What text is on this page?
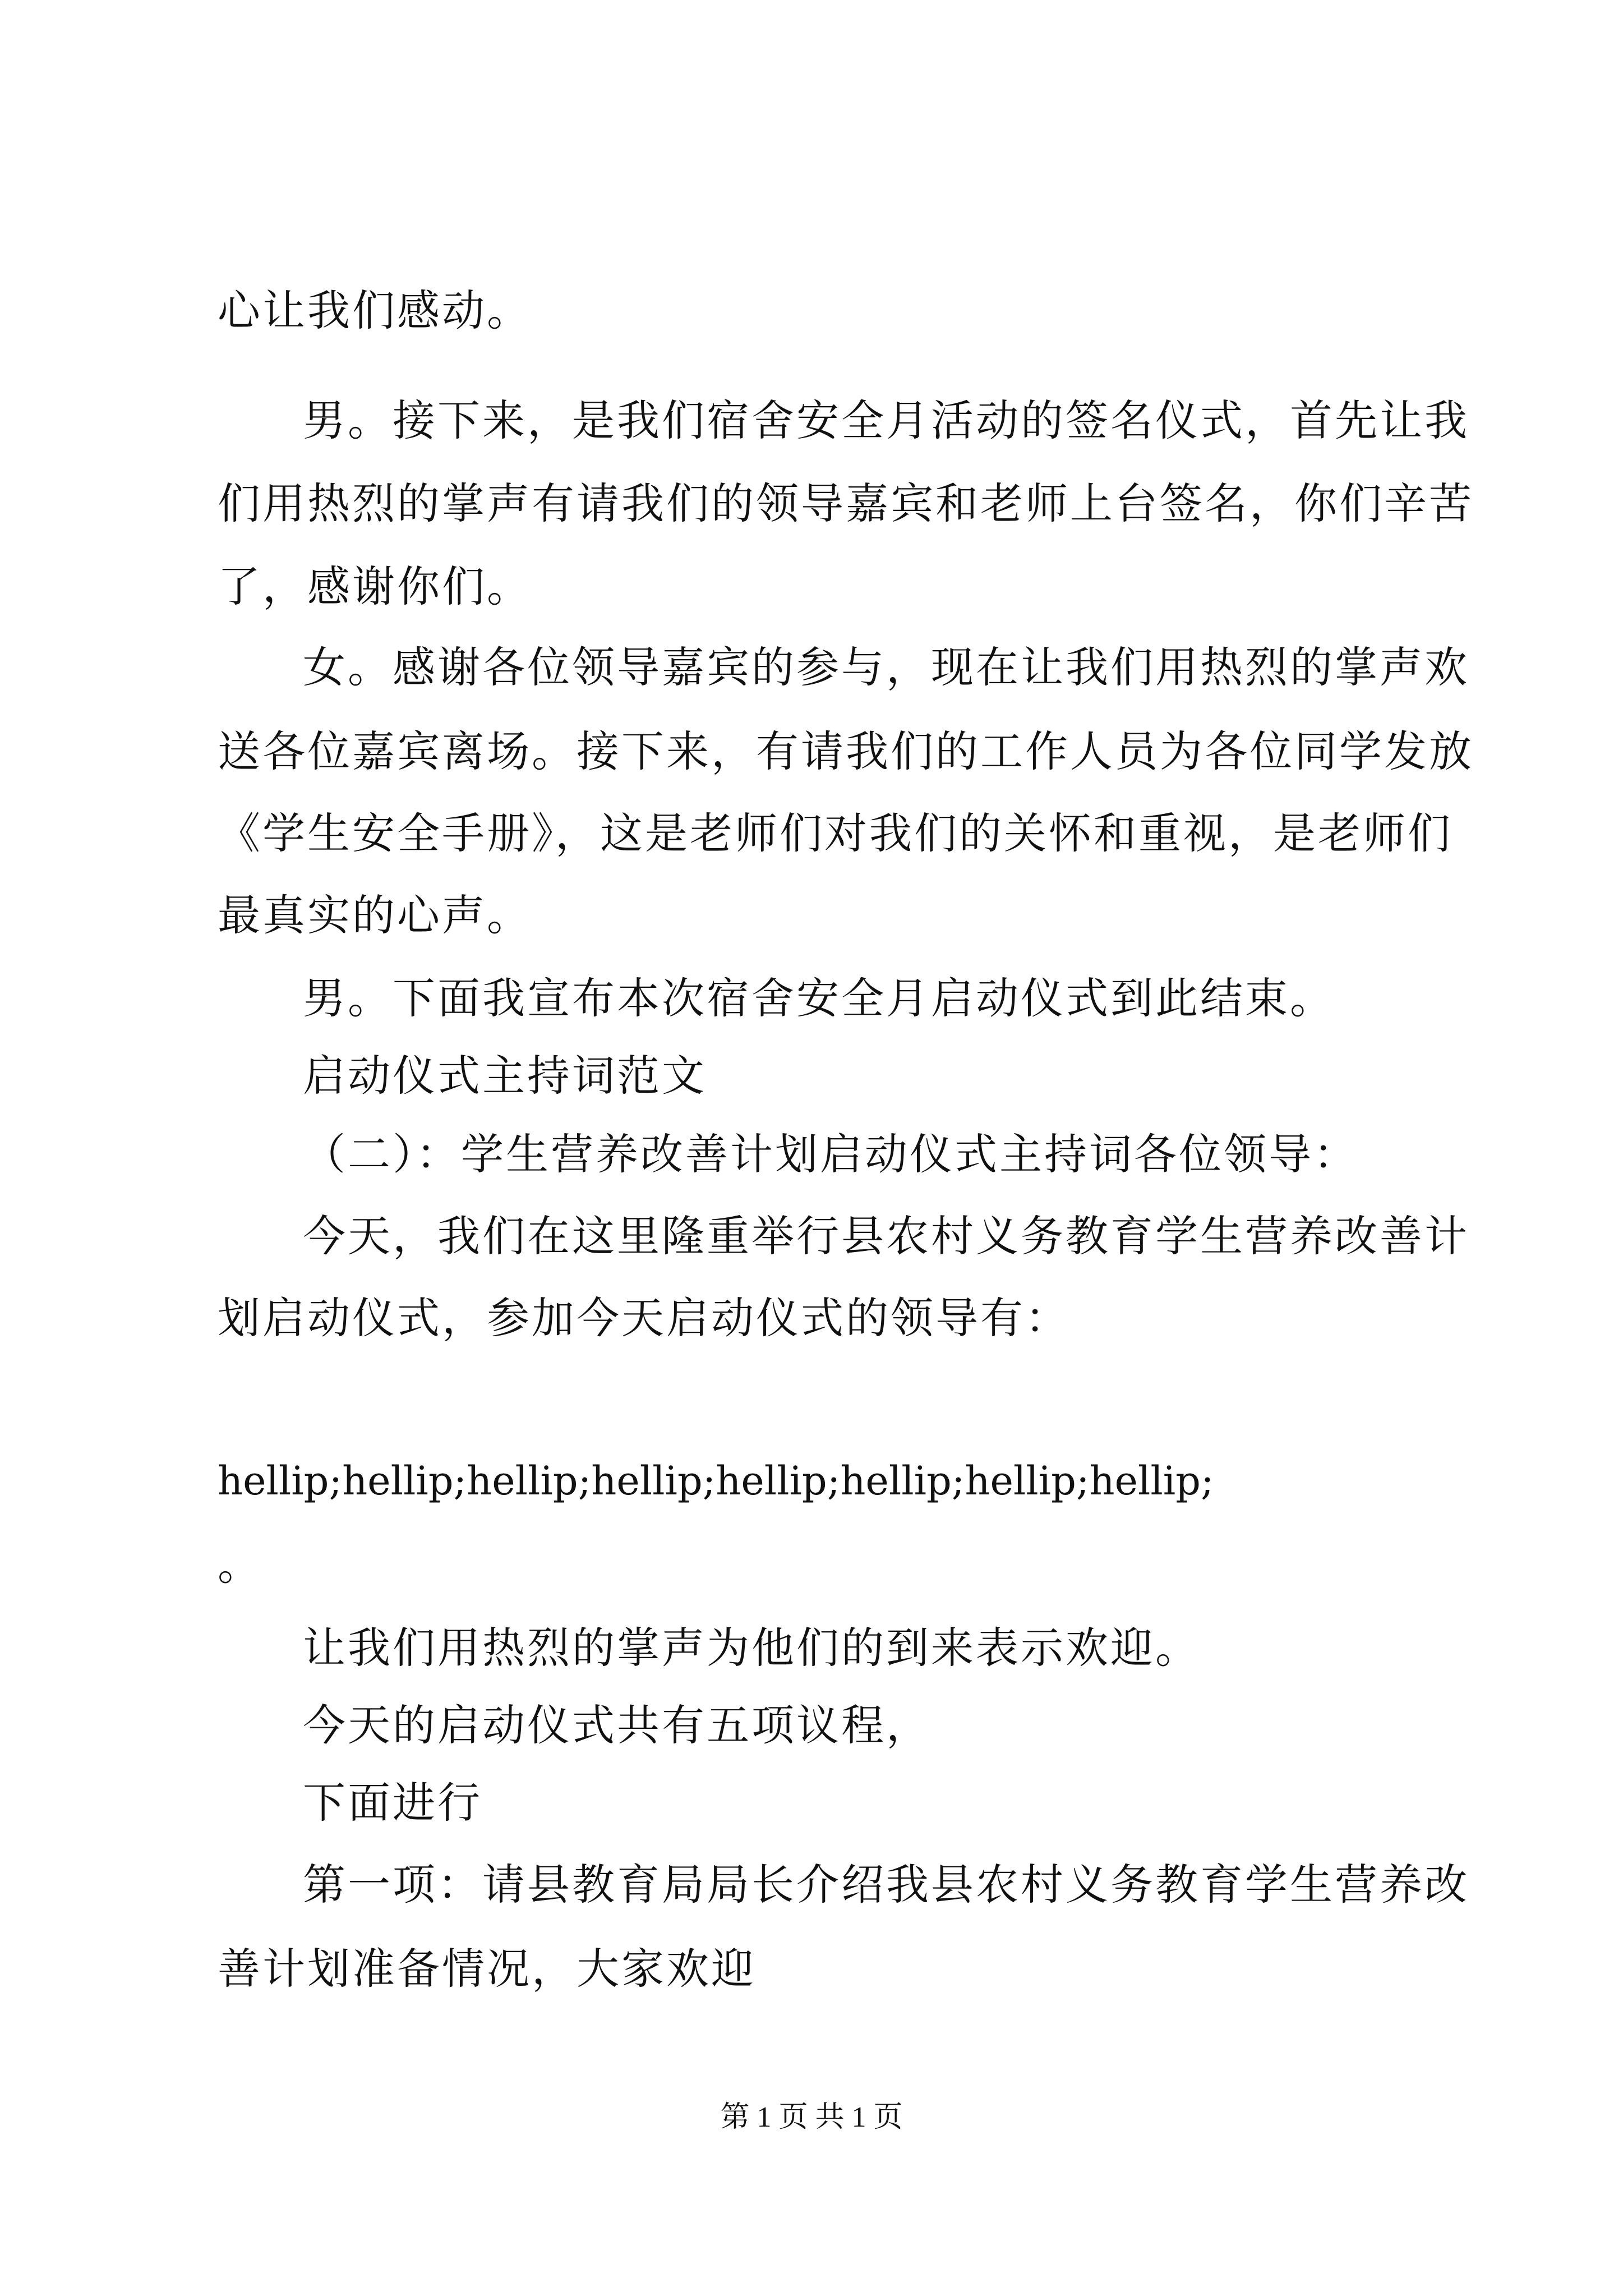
心让我们感动。
男。接下来，是我们宿舍安全月活动的签名仪式，首先让我
们用热烈的掌声有请我们的领导嘉宾和老师上台签名，你们辛苦
了，感谢你们。
女。感谢各位领导嘉宾的参与，现在让我们用热烈的掌声欢
送各位嘉宾离场。接下来，有请我们的工作人员为各位同学发放
《学生安全手册》，这是老师们对我们的关怀和重视，是老师们
最真实的心声。
男。下面我宣布本次宿舍安全月启动仪式到此结束。
启动仪式主持词范文
（二）：学生营养改善计划启动仪式主持词各位领导：
今天，我们在这里隆重举行县农村义务教育学生营养改善计
划启动仪式，参加今天启动仪式的领导有：
hellip;hellip;hellip;hellip;hellip;hellip;hellip;hellip;
。
让我们用热烈的掌声为他们的到来表示欢迎。
今天的启动仪式共有五项议程，
下面进行
第一项：请县教育局局长介绍我县农村义务教育学生营养改
善计划准备情况，大家欢迎
第 1 页 共 1 页
